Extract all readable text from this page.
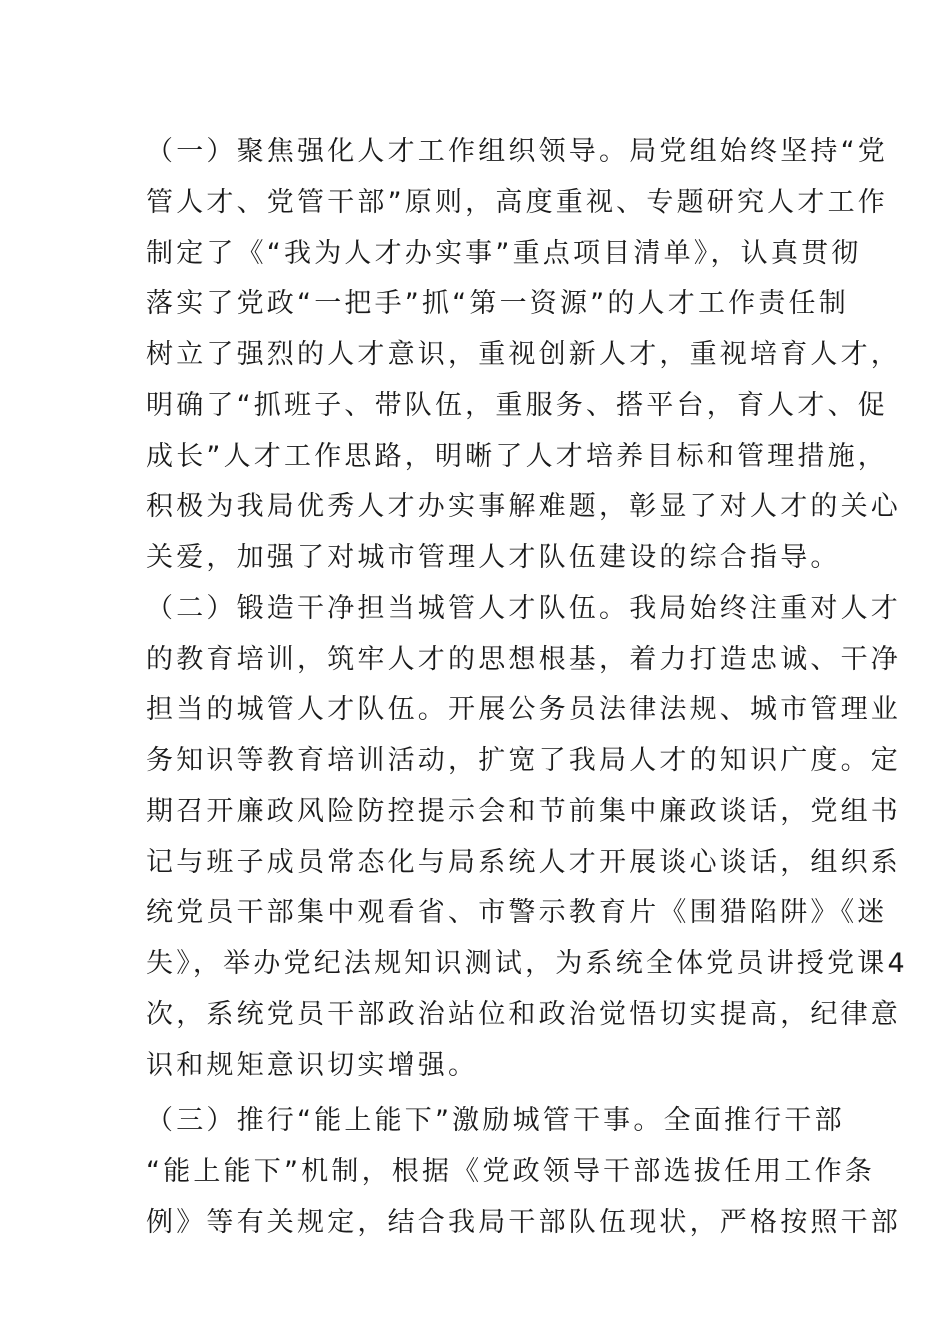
（一）聚焦强化人才工作组织领导。局党组始终坚持“党
管人才、党管干部”原则，高度重视、专题研究人才工作
制定了《“我为人才办实事”重点项目清单》，认真贯彻
落实了党政“一把手”抓“第一资源”的人才工作责任制
树立了强烈的人才意识，重视创新人才，重视培育人才，
明确了“抓班子、带队伍，重服务、搭平台，育人才、促
成长”人才工作思路，明晰了人才培养目标和管理措施，
积极为我局优秀人才办实事解难题，彰显了对人才的关心
关爱，加强了对城市管理人才队伍建设的综合指导。
（二）锻造干净担当城管人才队伍。我局始终注重对人才
的教育培训，筑牢人才的思想根基，着力打造忠诚、干净
担当的城管人才队伍。开展公务员法律法规、城市管理业
务知识等教育培训活动，扩宽了我局人才的知识广度。定
期召开廉政风险防控提示会和节前集中廉政谈话，党组书
记与班子成员常态化与局系统人才开展谈心谈话，组织系
统党员干部集中观看省、市警示教育片《围猎陷阱》《迷
失》，举办党纪法规知识测试，为系统全体党员讲授党课4
次，系统党员干部政治站位和政治觉悟切实提高，纪律意
识和规矩意识切实增强。
（三）推行“能上能下”激励城管干事。全面推行干部
“能上能下”机制，根据《党政领导干部选拔任用工作条
例》等有关规定，结合我局干部队伍现状，严格按照干部
